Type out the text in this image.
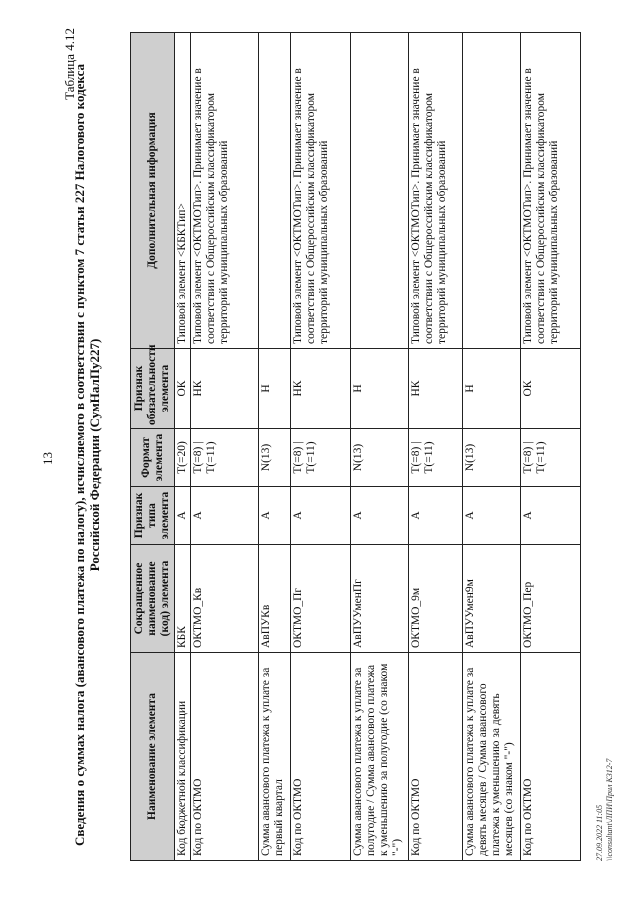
13
Таблица 4.12
Сведения о суммах налога (авансового платежа по налогу), исчисляемого в соответствии с пунктом 7 статьи 227 Налогового кодекса Российской Федерации (СумНалПу227)
Наименование элемента	Сокращенное наименование (код) элемента	Признак типа элемента	Формат элемента	Признак обязательности элемента	Дополнительная информация
Код бюджетной классификации	КБК	А	T(=20)	ОК	Типовой элемент <КБКТип>
Код по ОКТМО	ОКТМО_Кв	А	T(=8) | T(=11)	НК	Типовой элемент <ОКТМОТип>. Принимает значение в соответствии с Общероссийским классификатором территорий муниципальных образований
Сумма авансового платежа к уплате за первый квартал	АвПУКв	А	N(13)	Н	
Код по ОКТМО	ОКТМО_Пг	А	T(=8) | T(=11)	НК	Типовой элемент <ОКТМОТип>. Принимает значение в соответствии с Общероссийским классификатором территорий муниципальных образований
Сумма авансового платежа к уплате за полугодие / Сумма авансового платежа к уменьшению за полугодие (со знаком "-")	АвПУУменПг	А	N(13)	Н	
Код по ОКТМО	ОКТМО_9м	А	T(=8) | T(=11)	НК	Типовой элемент <ОКТМОТип>. Принимает значение в соответствии с Общероссийским классификатором территорий муниципальных образований
Сумма авансового платежа к уплате за девять месяцев / Сумма авансового платежа к уменьшению за девять месяцев (со знаком "-")	АвПУУмен9м	А	N(13)	Н	
Код по ОКТМО	ОКТМО_Пер	А	T(=8) | T(=11)	ОК	Типовой элемент <ОКТМОТип>. Принимает значение в соответствии с Общероссийским классификатором территорий муниципальных образований
27.09.2022 11:05 \\consultant\ЛПИ\Прил К312-7
